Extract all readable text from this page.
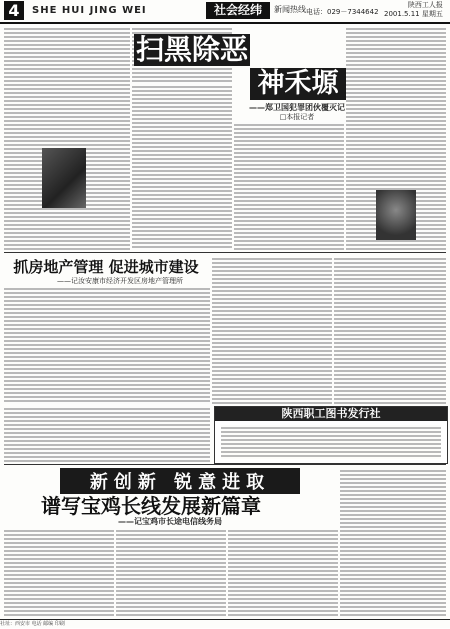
4	SHE HUI JING WEI	社会经纬	新闻热线 电话：029－7344642
陕西工人报
2001.5.11 星期五
扫黑除恶
神禾塬
——郑卫国犯罪团伙覆灭记
□本报记者
抓房地产管理 促进城市建设
——记汝安康市经济开发区房地产管理所
陕西职工图书发行社
新创新 锐意进取
谱写宝鸡长线发展新篇章
——记宝鸡市长途电信线务局
社址：西安市 电话 邮编 印刷
